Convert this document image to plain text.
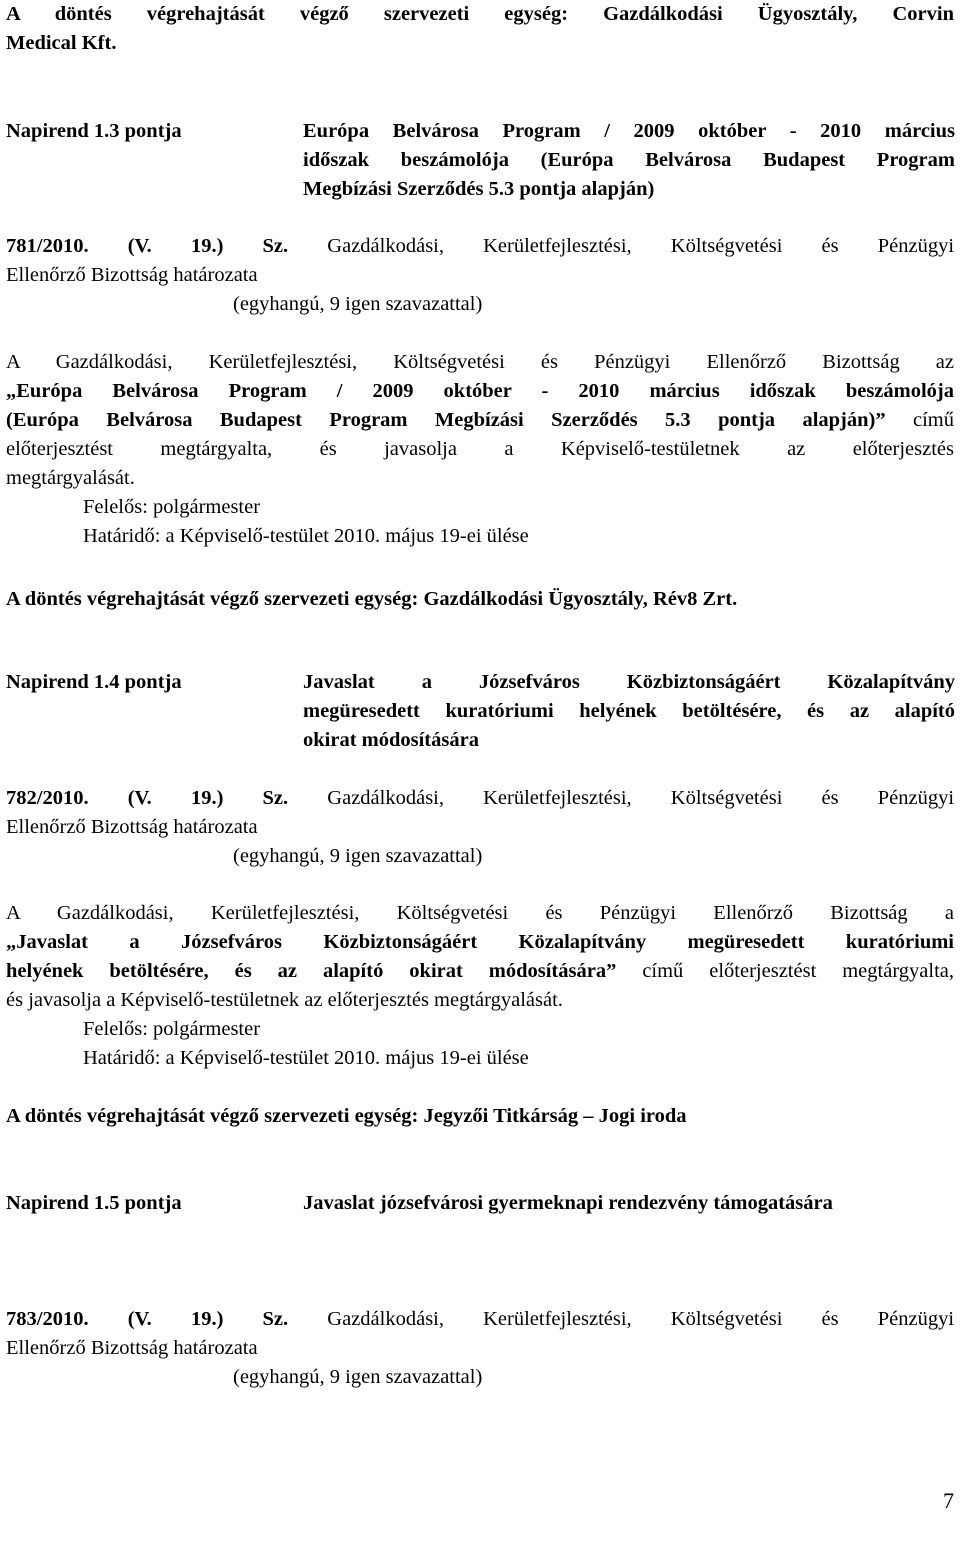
A döntés végrehajtását végző szervezeti egység: Gazdálkodási Ügyosztály, Corvin
Medical Kft.
Napirend 1.3 pontja	Európa Belvárosa Program / 2009 október - 2010 március
időszak beszámolója (Európa Belvárosa Budapest Program
Megbízási Szerződés 5.3 pontja alapján)
781/2010. (V. 19.) Sz. Gazdálkodási, Kerületfejlesztési, Költségvetési és Pénzügyi
Ellenőrző Bizottság határozata
(egyhangú, 9 igen szavazattal)
A Gazdálkodási, Kerületfejlesztési, Költségvetési és Pénzügyi Ellenőrző Bizottság az
„Európa Belvárosa Program / 2009 október - 2010 március időszak beszámolója
(Európa Belvárosa Budapest Program Megbízási Szerződés 5.3 pontja alapján)” című
előterjesztést megtárgyalta, és javasolja a Képviselő-testületnek az előterjesztés
megtárgyalását.
Felelős: polgármester
Határidő: a Képviselő-testület 2010. május 19-ei ülése
A döntés végrehajtását végző szervezeti egység: Gazdálkodási Ügyosztály, Rév8 Zrt.
Napirend 1.4 pontja	Javaslat a Józsefváros Közbiztonságáért Közalapítvány
megüresedett kuratóriumi helyének betöltésére, és az alapító
okirat módosítására
782/2010. (V. 19.) Sz. Gazdálkodási, Kerületfejlesztési, Költségvetési és Pénzügyi
Ellenőrző Bizottság határozata
(egyhangú, 9 igen szavazattal)
A Gazdálkodási, Kerületfejlesztési, Költségvetési és Pénzügyi Ellenőrző Bizottság a
„Javaslat a Józsefváros Közbiztonságáért Közalapítvány megüresedett kuratóriumi
helyének betöltésére, és az alapító okirat módosítására” című előterjesztést megtárgyalta,
és javasolja a Képviselő-testületnek az előterjesztés megtárgyalását.
Felelős: polgármester
Határidő: a Képviselő-testület 2010. május 19-ei ülése
A döntés végrehajtását végző szervezeti egység: Jegyzői Titkárság – Jogi iroda
Napirend 1.5 pontja	Javaslat józsefvárosi gyermeknapi rendezvény támogatására
783/2010. (V. 19.) Sz. Gazdálkodási, Kerületfejlesztési, Költségvetési és Pénzügyi
Ellenőrző Bizottság határozata
(egyhangú, 9 igen szavazattal)
7
